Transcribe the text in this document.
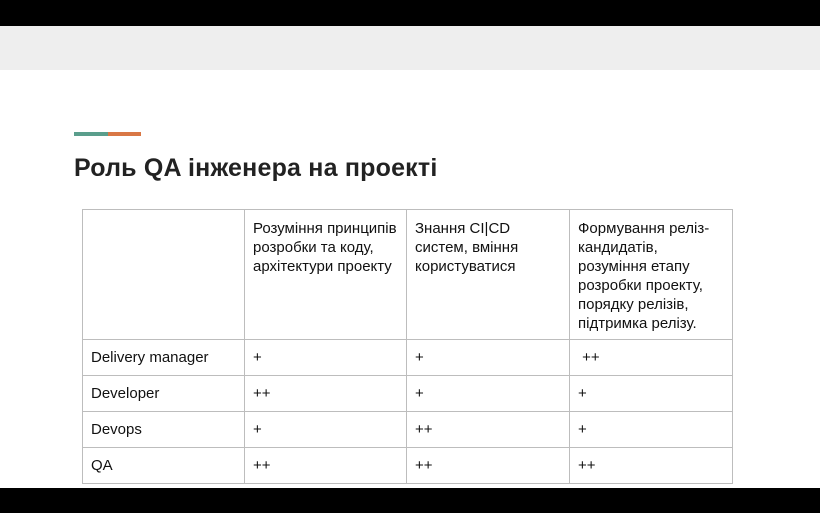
Роль QA інженера на проекті
	Розуміння принципів розробки та коду, архітектури проекту	Знання CI|CD систем, вміння користуватися	Формування реліз-кандидатів, розуміння етапу розробки проекту, порядку релізів, підтримка релізу.
Delivery manager	+	+	++
Developer	++	+	+
Devops	+	++	+
QA	++	++	++
